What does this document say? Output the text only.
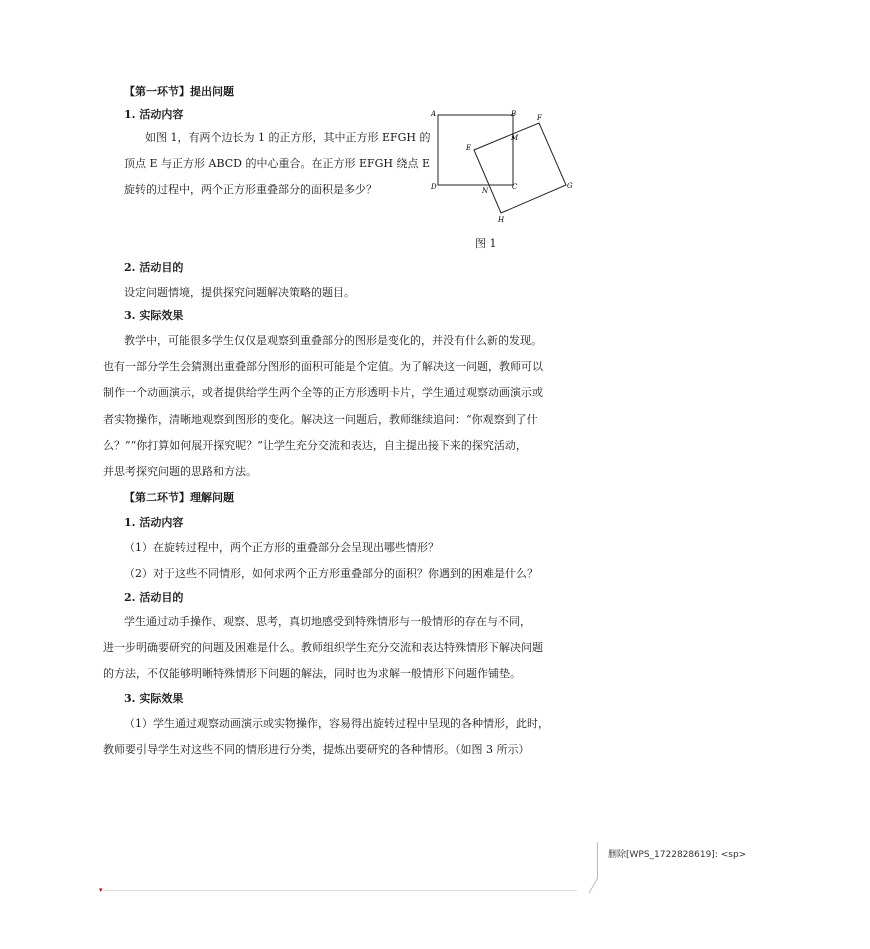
【第一环节】提出问题
1. 活动内容
如图 1，有两个边长为 1 的正方形，其中正方形 EFGH 的
顶点 E 与正方形 ABCD 的中心重合。在正方形 EFGH 绕点 E
旋转的过程中，两个正方形重叠部分的面积是多少？
A	B
C
D
E
F
G
H
M
N
图 1
2. 活动目的
设定问题情境，提供探究问题解决策略的题目。
3. 实际效果
教学中，可能很多学生仅仅是观察到重叠部分的图形是变化的，并没有什么新的发现。
也有一部分学生会猜测出重叠部分图形的面积可能是个定值。为了解决这一问题，教师可以
制作一个动画演示，或者提供给学生两个全等的正方形透明卡片，学生通过观察动画演示或
者实物操作，清晰地观察到图形的变化。解决这一问题后，教师继续追问：“你观察到了什
么？”“你打算如何展开探究呢？”让学生充分交流和表达，自主提出接下来的探究活动，
并思考探究问题的思路和方法。
【第二环节】理解问题
1. 活动内容
（1）在旋转过程中，两个正方形的重叠部分会呈现出哪些情形？
（2）对于这些不同情形，如何求两个正方形重叠部分的面积？你遇到的困难是什么？
2. 活动目的
学生通过动手操作、观察、思考，真切地感受到特殊情形与一般情形的存在与不同，
进一步明确要研究的问题及困难是什么。教师组织学生充分交流和表达特殊情形下解决问题
的方法，不仅能够明晰特殊情形下问题的解法，同时也为求解一般情形下问题作铺垫。
3. 实际效果
（1）学生通过观察动画演示或实物操作，容易得出旋转过程中呈现的各种情形，此时，
教师要引导学生对这些不同的情形进行分类，提炼出要研究的各种情形。（如图 3 所示）
▾
删除[WPS_1722828619]: <sp>
